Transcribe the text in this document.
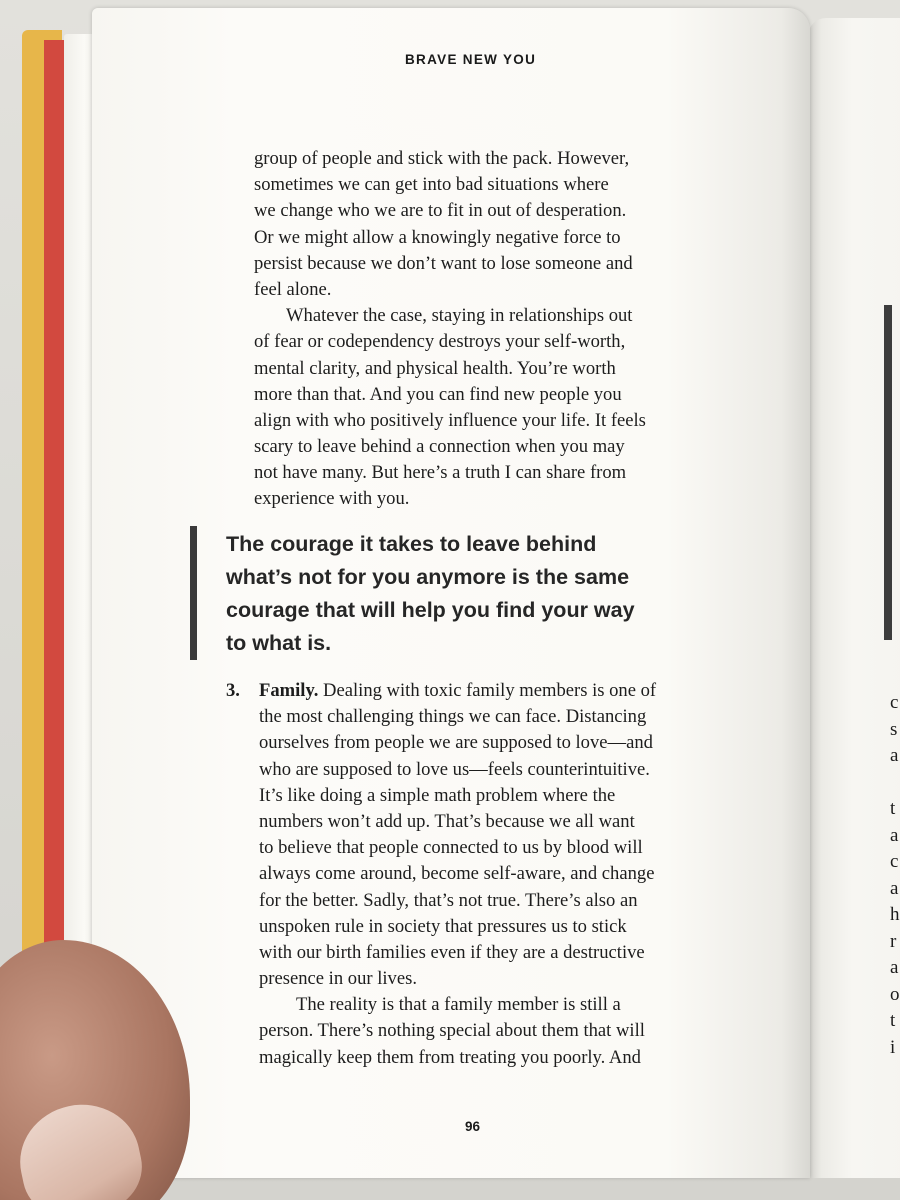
c
s
a
t
a
c
a
h
r
a
o
t
i
BRAVE NEW YOU
group of people and stick with the pack. However,
sometimes we can get into bad situations where
we change who we are to fit in out of desperation.
Or we might allow a knowingly negative force to
persist because we don’t want to lose someone and
feel alone.
Whatever the case, staying in relationships out
of fear or codependency destroys your self-worth,
mental clarity, and physical health. You’re worth
more than that. And you can find new people you
align with who positively influence your life. It feels
scary to leave behind a connection when you may
not have many. But here’s a truth I can share from
experience with you.
The courage it takes to leave behind
what’s not for you anymore is the same
courage that will help you find your way
to what is.
3. Family. Dealing with toxic family members is one of
the most challenging things we can face. Distancing
ourselves from people we are supposed to love—and
who are supposed to love us—feels counterintuitive.
It’s like doing a simple math problem where the
numbers won’t add up. That’s because we all want
to believe that people connected to us by blood will
always come around, become self-aware, and change
for the better. Sadly, that’s not true. There’s also an
unspoken rule in society that pressures us to stick
with our birth families even if they are a destructive
presence in our lives.
The reality is that a family member is still a
person. There’s nothing special about them that will
magically keep them from treating you poorly. And
96
